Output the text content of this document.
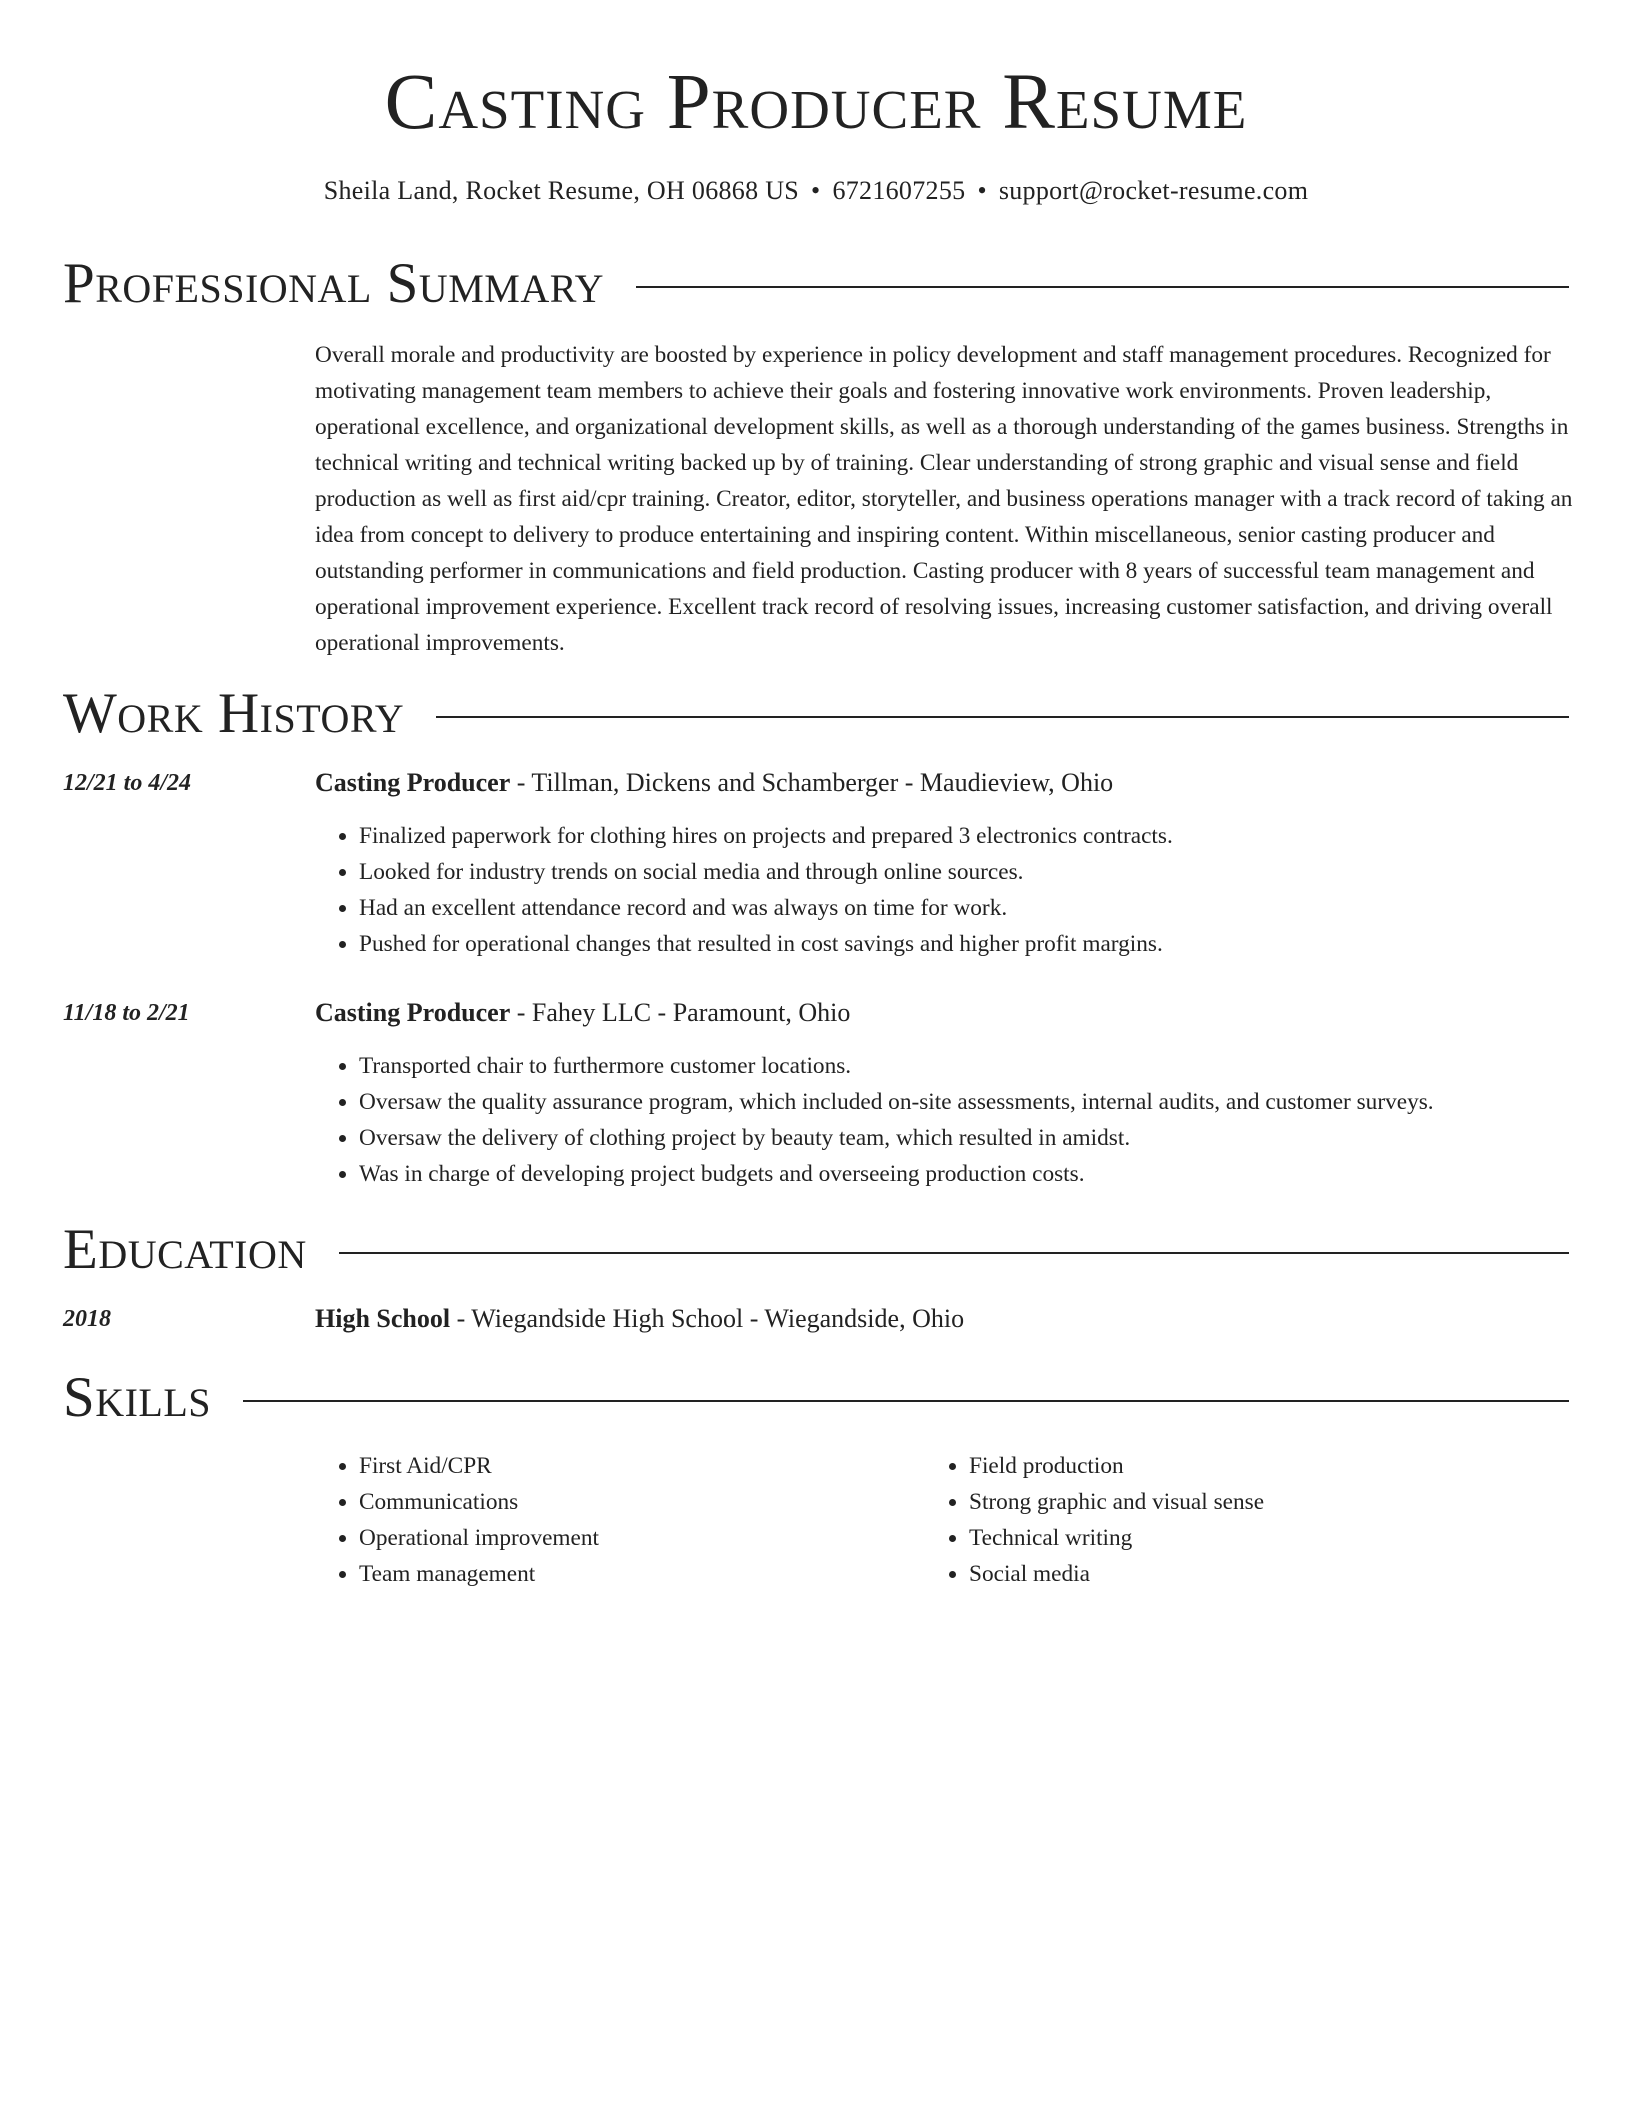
Casting Producer Resume
Sheila Land, Rocket Resume, OH 06868 US • 6721607255 • support@rocket-resume.com
Professional Summary

Overall morale and productivity are boosted by experience in policy development and staff management procedures. Recognized for motivating management team members to achieve their goals and fostering innovative work environments. Proven leadership, operational excellence, and organizational development skills, as well as a thorough understanding of the games business. Strengths in technical writing and technical writing backed up by of training. Clear understanding of strong graphic and visual sense and field production as well as first aid/cpr training. Creator, editor, storyteller, and business operations manager with a track record of taking an idea from concept to delivery to produce entertaining and inspiring content. Within miscellaneous, senior casting producer and outstanding performer in communications and field production. Casting producer with 8 years of successful team management and operational improvement experience. Excellent track record of resolving issues, increasing customer satisfaction, and driving overall operational improvements.

Work History
12/21 to 4/24	Casting Producer - Tillman, Dickens and Schamberger - Maudieview, Ohio
• Finalized paperwork for clothing hires on projects and prepared 3 electronics contracts.
• Looked for industry trends on social media and through online sources.
• Had an excellent attendance record and was always on time for work.
• Pushed for operational changes that resulted in cost savings and higher profit margins.
11/18 to 2/21	Casting Producer - Fahey LLC - Paramount, Ohio
• Transported chair to furthermore customer locations.
• Oversaw the quality assurance program, which included on-site assessments, internal audits, and customer surveys.
• Oversaw the delivery of clothing project by beauty team, which resulted in amidst.
• Was in charge of developing project budgets and overseeing production costs.
Education
2018	High School - Wiegandside High School - Wiegandside, Ohio
Skills
• First Aid/CPR
• Communications
• Operational improvement
• Team management
• Field production
• Strong graphic and visual sense
• Technical writing
• Social media
